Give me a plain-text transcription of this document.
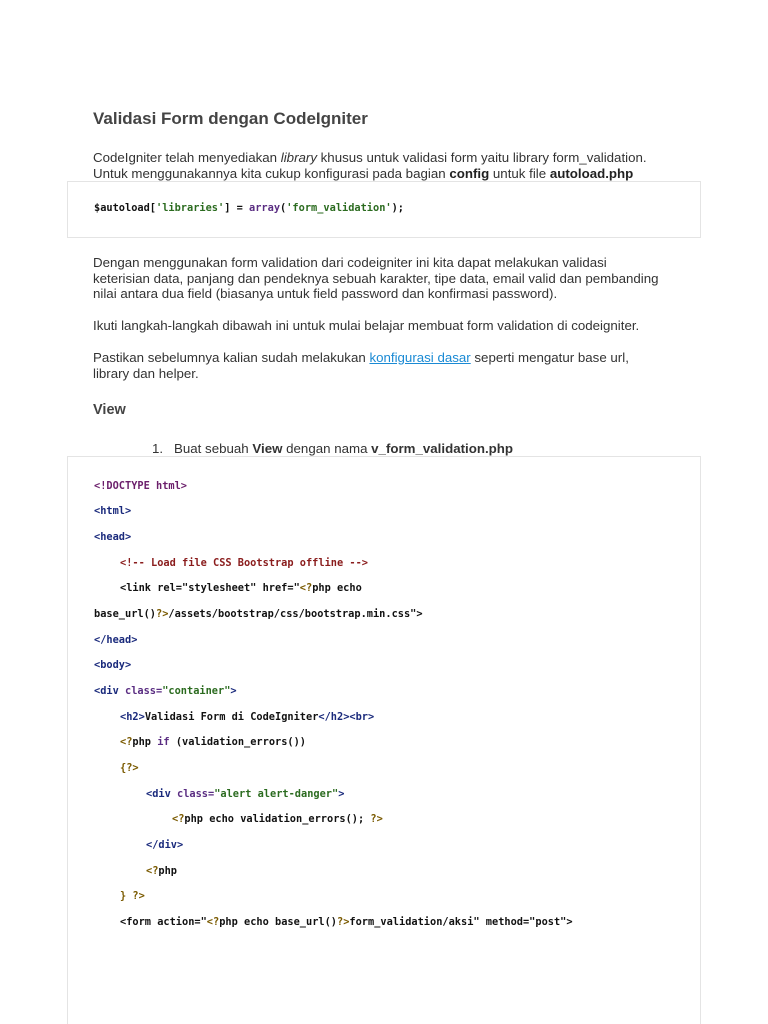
Validasi Form dengan CodeIgniter
CodeIgniter telah menyediakan library khusus untuk validasi form yaitu library form_validation.
Untuk menggunakannya kita cukup konfigurasi pada bagian config untuk file autoload.php
$autoload['libraries'] = array('form_validation');
Dengan menggunakan form validation dari codeigniter ini kita dapat melakukan validasi
keterisian data, panjang dan pendeknya sebuah karakter, tipe data, email valid dan pembanding
nilai antara dua field (biasanya untuk field password dan konfirmasi password).
Ikuti langkah-langkah dibawah ini untuk mulai belajar membuat form validation di codeigniter.
Pastikan sebelumnya kalian sudah melakukan konfigurasi dasar seperti mengatur base url,
library dan helper.
View
1. Buat sebuah View dengan nama v_form_validation.php
<!DOCTYPE html>
<html>
<head>
<!-- Load file CSS Bootstrap offline -->
<link rel="stylesheet" href="<?php echo
base_url()?>/assets/bootstrap/css/bootstrap.min.css">
</head>
<body>
<div class="container">
<h2>Validasi Form di CodeIgniter</h2><br>
<?php if (validation_errors())
{?>
<div class="alert alert-danger">
<?php echo validation_errors(); ?>
</div>
<?php
} ?>
<form action="<?php echo base_url()?>form_validation/aksi" method="post">
